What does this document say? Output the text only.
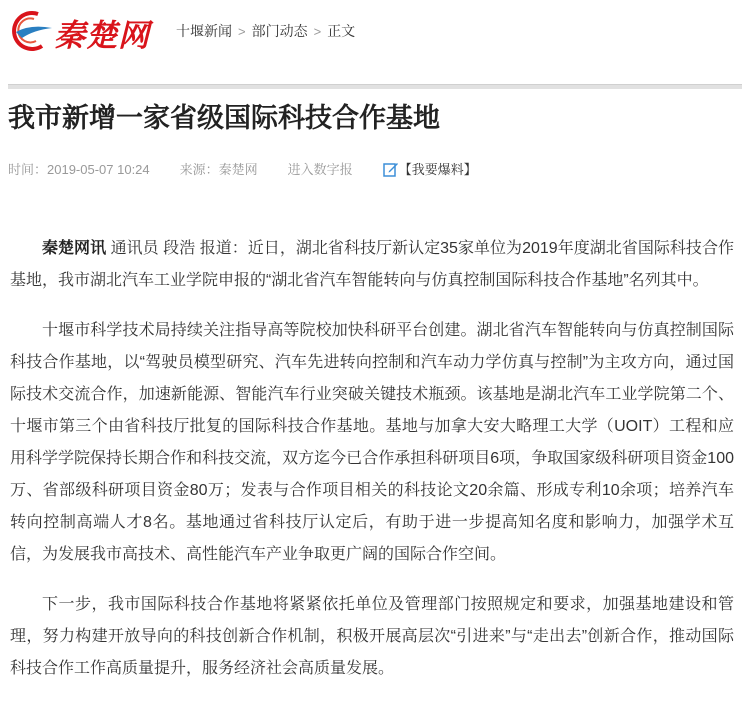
秦楚网 十堰新闻 > 部门动态 > 正文
我市新增一家省级国际科技合作基地
时间：2019-05-07 10:24 来源：秦楚网 进入数字报	【我要爆料】

秦楚网讯 通讯员 段浩 报道：近日，湖北省科技厅新认定35家单位为2019年度湖北省国际科技合作基地，我市湖北汽车工业学院申报的“湖北省汽车智能转向与仿真控制国际科技合作基地”名列其中。

十堰市科学技术局持续关注指导高等院校加快科研平台创建。湖北省汽车智能转向与仿真控制国际科技合作基地，以“驾驶员模型研究、汽车先进转向控制和汽车动力学仿真与控制”为主攻方向，通过国际技术交流合作，加速新能源、智能汽车行业突破关键技术瓶颈。该基地是湖北汽车工业学院第二个、十堰市第三个由省科技厅批复的国际科技合作基地。基地与加拿大安大略理工大学（UOIT）工程和应用科学学院保持长期合作和科技交流，双方迄今已合作承担科研项目6项，争取国家级科研项目资金100万、省部级科研项目资金80万；发表与合作项目相关的科技论文20余篇、形成专利10余项；培养汽车转向控制高端人才8名。基地通过省科技厅认定后，有助于进一步提高知名度和影响力，加强学术互信，为发展我市高技术、高性能汽车产业争取更广阔的国际合作空间。

下一步，我市国际科技合作基地将紧紧依托单位及管理部门按照规定和要求，加强基地建设和管理，努力构建开放导向的科技创新合作机制，积极开展高层次“引进来”与“走出去”创新合作，推动国际科技合作工作高质量提升，服务经济社会高质量发展。
